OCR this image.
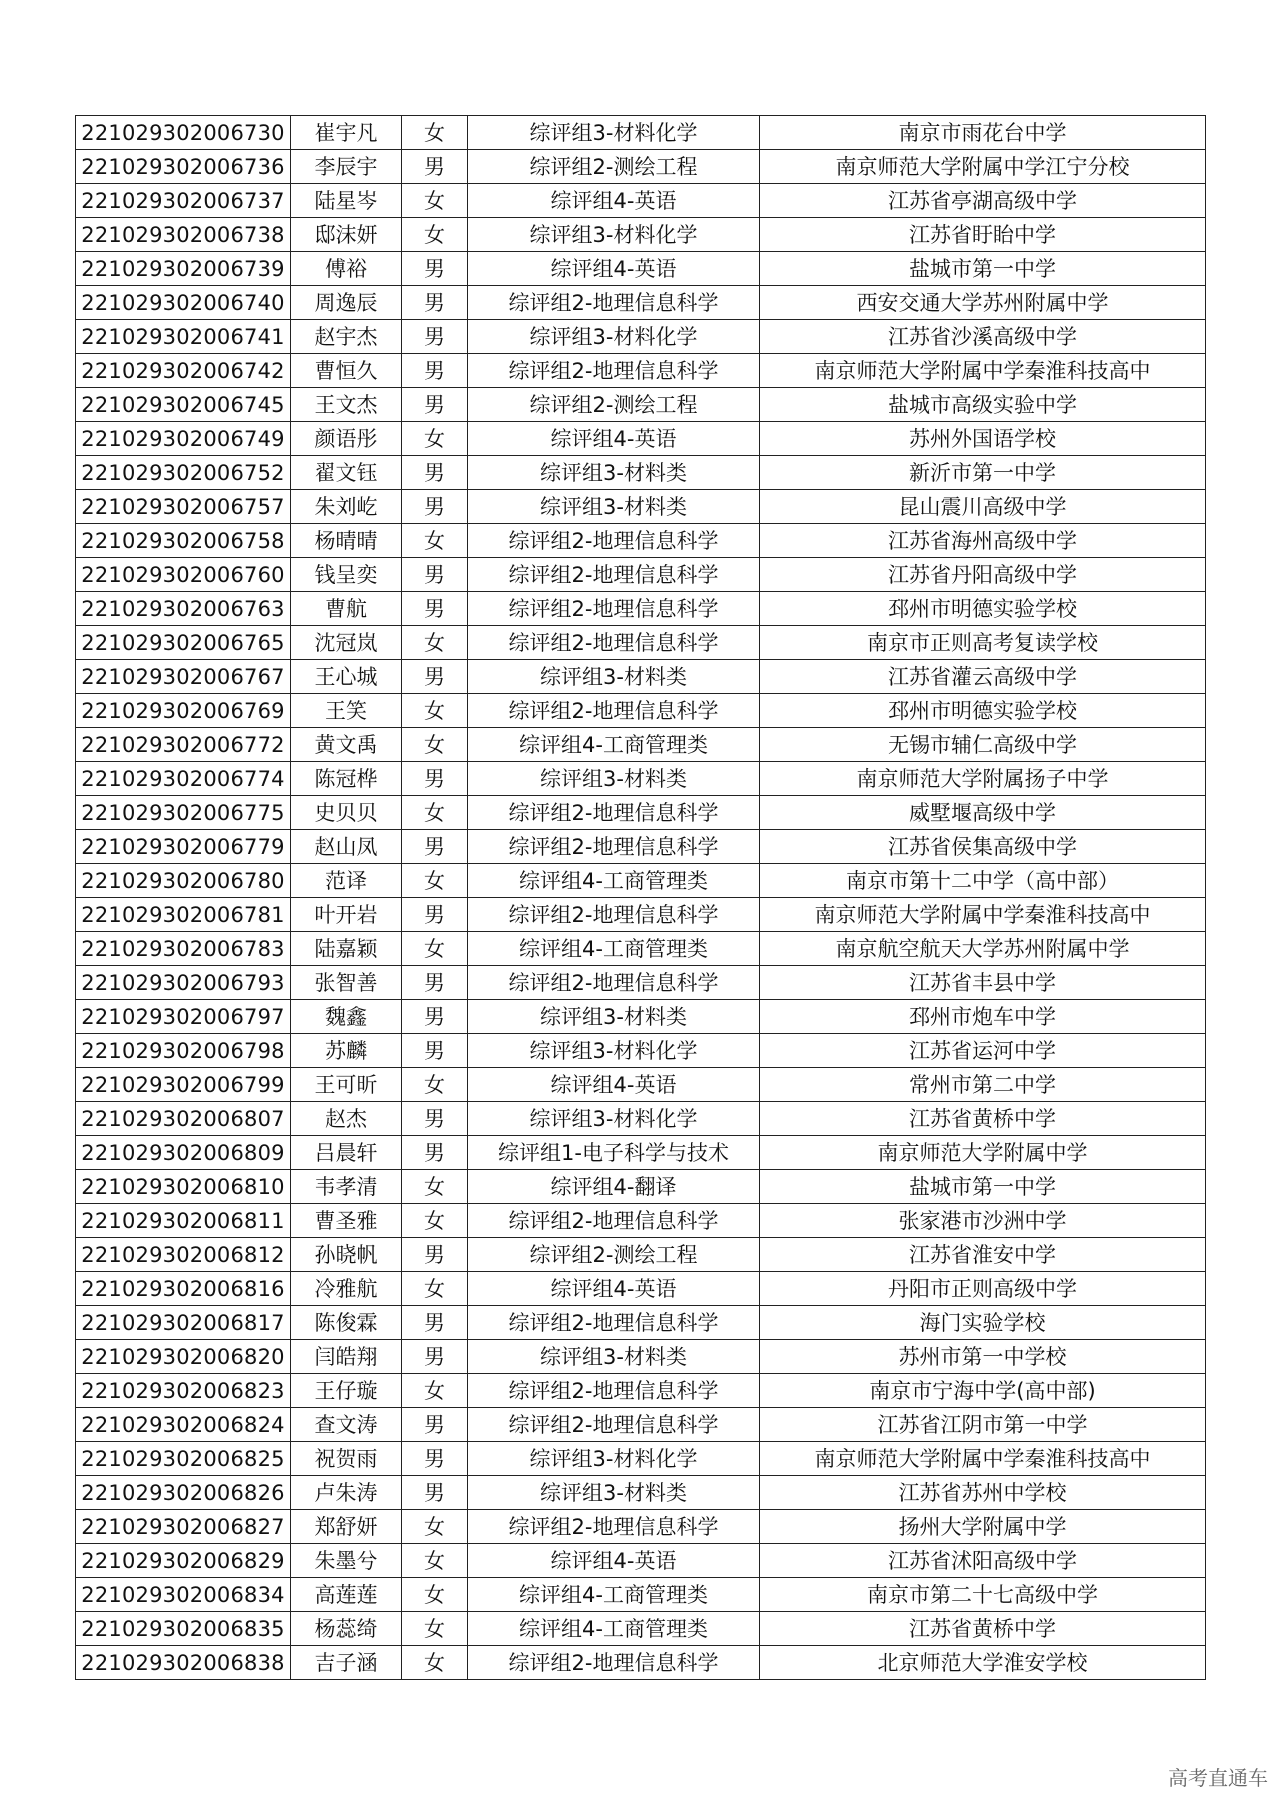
221029302006730	崔宇凡	女	综评组3-材料化学	南京市雨花台中学
221029302006736	李辰宇	男	综评组2-测绘工程	南京师范大学附属中学江宁分校
221029302006737	陆星岑	女	综评组4-英语	江苏省亭湖高级中学
221029302006738	邸沫妍	女	综评组3-材料化学	江苏省盱眙中学
221029302006739	傅裕	男	综评组4-英语	盐城市第一中学
221029302006740	周逸辰	男	综评组2-地理信息科学	西安交通大学苏州附属中学
221029302006741	赵宇杰	男	综评组3-材料化学	江苏省沙溪高级中学
221029302006742	曹恒久	男	综评组2-地理信息科学	南京师范大学附属中学秦淮科技高中
221029302006745	王文杰	男	综评组2-测绘工程	盐城市高级实验中学
221029302006749	颜语彤	女	综评组4-英语	苏州外国语学校
221029302006752	翟文钰	男	综评组3-材料类	新沂市第一中学
221029302006757	朱刘屹	男	综评组3-材料类	昆山震川高级中学
221029302006758	杨晴晴	女	综评组2-地理信息科学	江苏省海州高级中学
221029302006760	钱呈奕	男	综评组2-地理信息科学	江苏省丹阳高级中学
221029302006763	曹航	男	综评组2-地理信息科学	邳州市明德实验学校
221029302006765	沈冠岚	女	综评组2-地理信息科学	南京市正则高考复读学校
221029302006767	王心城	男	综评组3-材料类	江苏省灌云高级中学
221029302006769	王笑	女	综评组2-地理信息科学	邳州市明德实验学校
221029302006772	黄文禹	女	综评组4-工商管理类	无锡市辅仁高级中学
221029302006774	陈冠桦	男	综评组3-材料类	南京师范大学附属扬子中学
221029302006775	史贝贝	女	综评组2-地理信息科学	威墅堰高级中学
221029302006779	赵山凤	男	综评组2-地理信息科学	江苏省侯集高级中学
221029302006780	范译	女	综评组4-工商管理类	南京市第十二中学（高中部）
221029302006781	叶开岩	男	综评组2-地理信息科学	南京师范大学附属中学秦淮科技高中
221029302006783	陆嘉颖	女	综评组4-工商管理类	南京航空航天大学苏州附属中学
221029302006793	张智善	男	综评组2-地理信息科学	江苏省丰县中学
221029302006797	魏鑫	男	综评组3-材料类	邳州市炮车中学
221029302006798	苏麟	男	综评组3-材料化学	江苏省运河中学
221029302006799	王可昕	女	综评组4-英语	常州市第二中学
221029302006807	赵杰	男	综评组3-材料化学	江苏省黄桥中学
221029302006809	吕晨轩	男	综评组1-电子科学与技术	南京师范大学附属中学
221029302006810	韦孝清	女	综评组4-翻译	盐城市第一中学
221029302006811	曹圣雅	女	综评组2-地理信息科学	张家港市沙洲中学
221029302006812	孙晓帆	男	综评组2-测绘工程	江苏省淮安中学
221029302006816	冷雅航	女	综评组4-英语	丹阳市正则高级中学
221029302006817	陈俊霖	男	综评组2-地理信息科学	海门实验学校
221029302006820	闫皓翔	男	综评组3-材料类	苏州市第一中学校
221029302006823	王仔璇	女	综评组2-地理信息科学	南京市宁海中学(高中部)
221029302006824	查文涛	男	综评组2-地理信息科学	江苏省江阴市第一中学
221029302006825	祝贺雨	男	综评组3-材料化学	南京师范大学附属中学秦淮科技高中
221029302006826	卢朱涛	男	综评组3-材料类	江苏省苏州中学校
221029302006827	郑舒妍	女	综评组2-地理信息科学	扬州大学附属中学
221029302006829	朱墨兮	女	综评组4-英语	江苏省沭阳高级中学
221029302006834	高莲莲	女	综评组4-工商管理类	南京市第二十七高级中学
221029302006835	杨蕊绮	女	综评组4-工商管理类	江苏省黄桥中学
221029302006838	吉子涵	女	综评组2-地理信息科学	北京师范大学淮安学校
高考直通车
